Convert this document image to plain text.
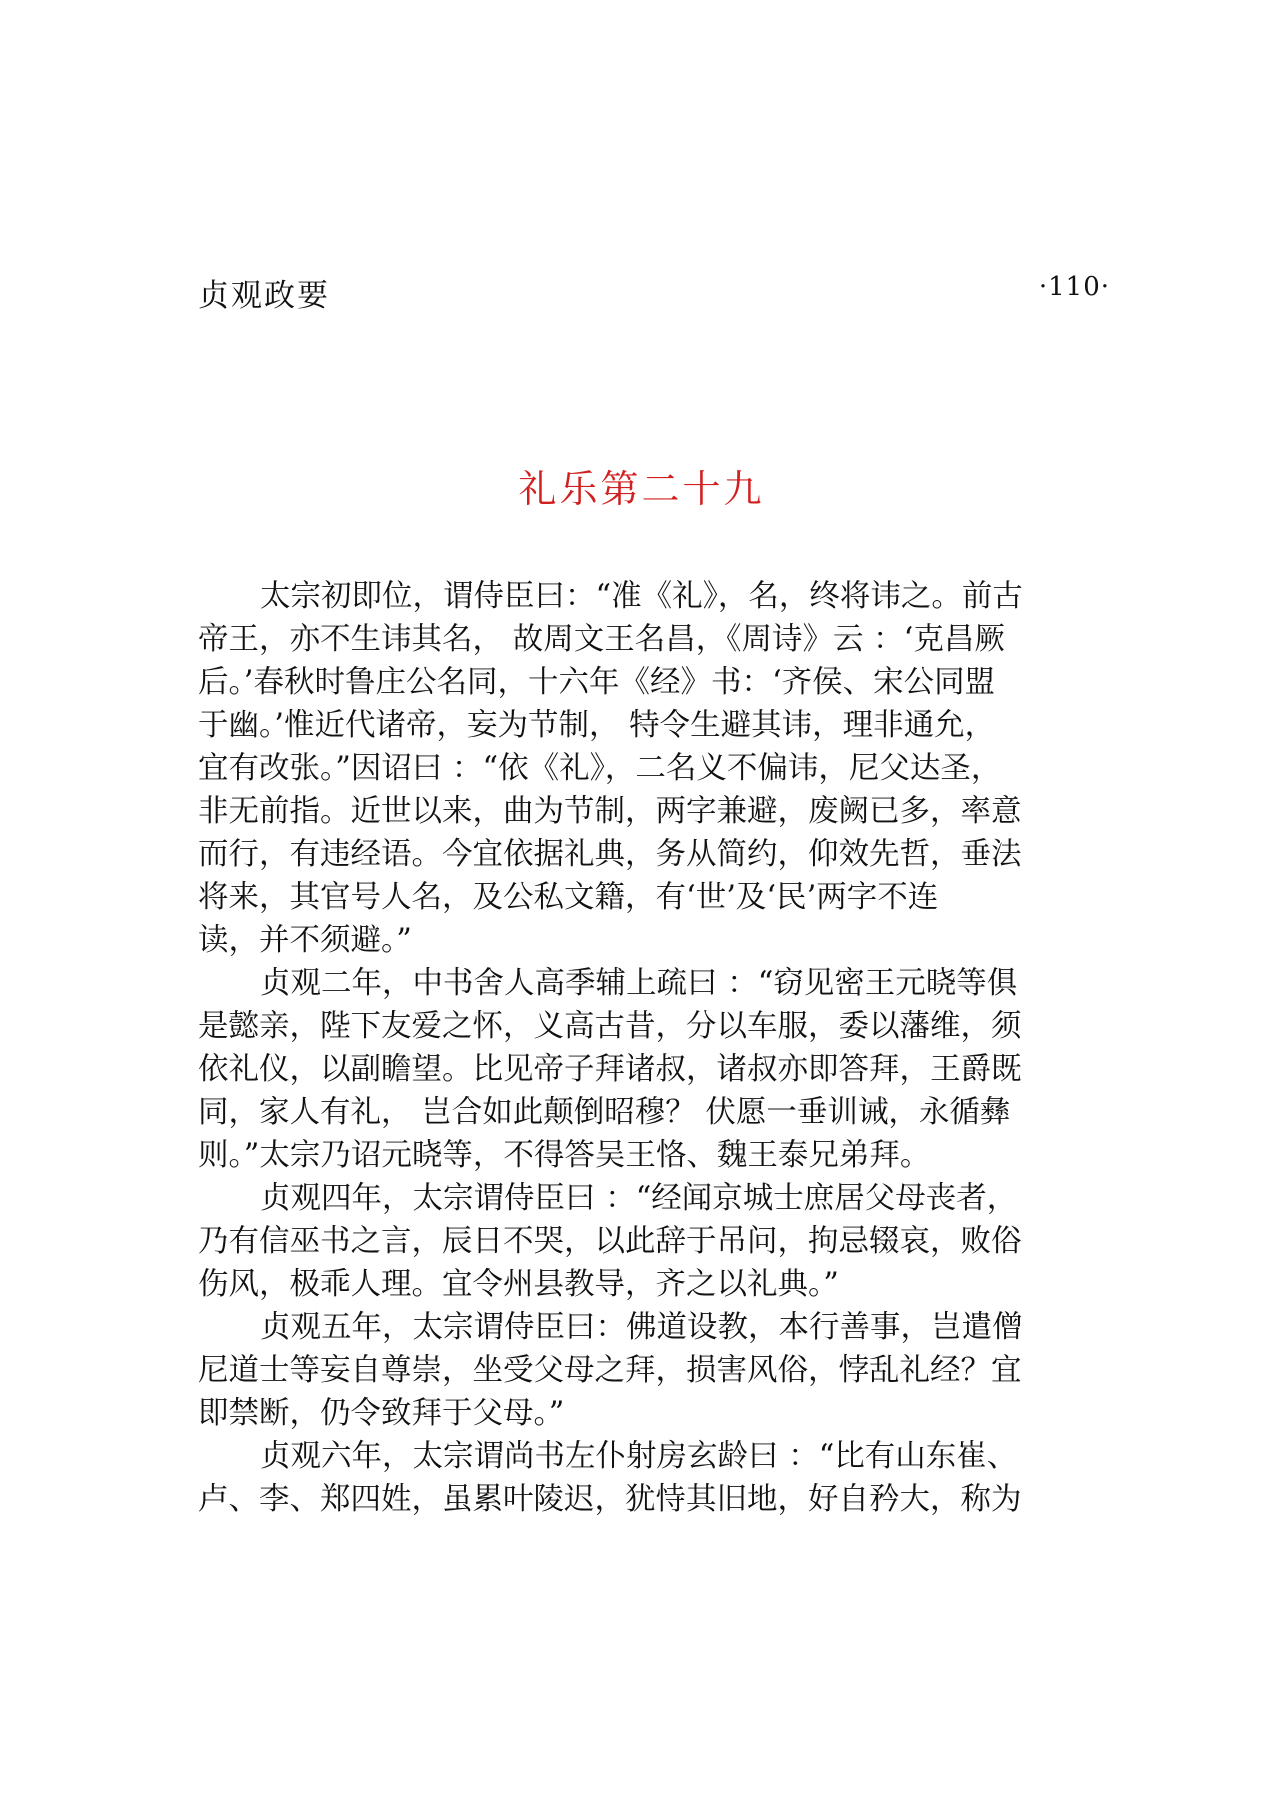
贞观政要	·110·
礼乐第二十九
太宗初即位，谓侍臣曰：“准《礼》，名，终将讳之。前古
帝王，亦不生讳其名， 故周文王名昌，《周诗》云 ：‘克昌厥
后。’春秋时鲁庄公名同，十六年《经》书：‘齐侯、宋公同盟
于幽。’惟近代诸帝，妄为节制， 特令生避其讳，理非通允，
宜有改张。”因诏曰 ：“依《礼》，二名义不偏讳，尼父达圣，
非无前指。近世以来，曲为节制，两字兼避，废阙已多，率意
而行，有违经语。今宜依据礼典，务从简约，仰效先哲，垂法
将来，其官号人名，及公私文籍，有‘世’及‘民’两字不连
读，并不须避。”
贞观二年，中书舍人高季辅上疏曰 ：“窃见密王元晓等俱
是懿亲，陛下友爱之怀，义高古昔，分以车服，委以藩维，须
依礼仪，以副瞻望。比见帝子拜诸叔，诸叔亦即答拜，王爵既
同，家人有礼， 岂合如此颠倒昭穆？ 伏愿一垂训诫，永循彝
则。”太宗乃诏元晓等，不得答吴王恪、魏王泰兄弟拜。
贞观四年，太宗谓侍臣曰 ：“经闻京城士庶居父母丧者，
乃有信巫书之言，辰日不哭，以此辞于吊问，拘忌辍哀，败俗
伤风，极乖人理。宜令州县教导，齐之以礼典。”
贞观五年，太宗谓侍臣曰：佛道设教，本行善事，岂遣僧
尼道士等妄自尊崇，坐受父母之拜，损害风俗，悖乱礼经？宜
即禁断，仍令致拜于父母。”
贞观六年，太宗谓尚书左仆射房玄龄曰 ：“比有山东崔、
卢、李、郑四姓，虽累叶陵迟，犹恃其旧地，好自矜大，称为
